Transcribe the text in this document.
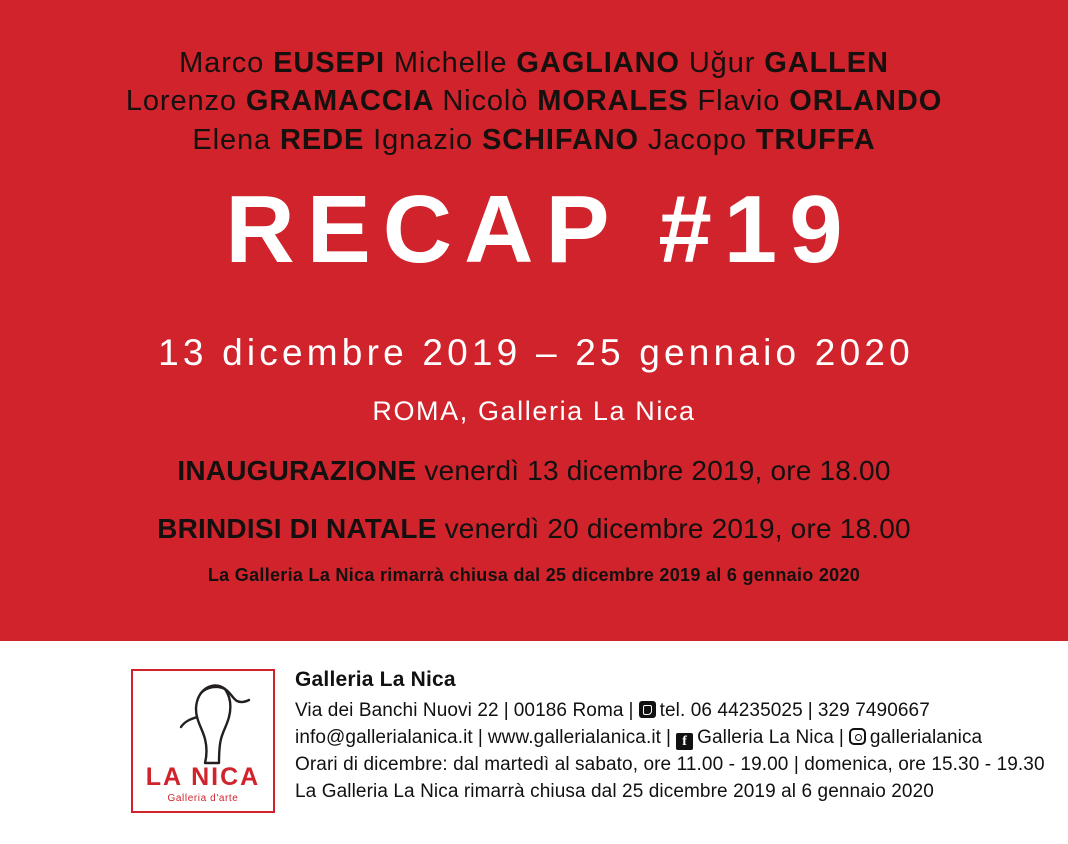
Marco EUSEPI Michelle GAGLIANO Uğur GALLEN
Lorenzo GRAMACCIA Nicolò MORALES Flavio ORLANDO
Elena REDE Ignazio SCHIFANO Jacopo TRUFFA
RECAP #19
13 dicembre 2019 – 25 gennaio 2020
ROMA, Galleria La Nica
INAUGURAZIONE venerdì 13 dicembre 2019, ore 18.00
BRINDISI DI NATALE venerdì 20 dicembre 2019, ore 18.00
La Galleria La Nica rimarrà chiusa dal 25 dicembre 2019 al 6 gennaio 2020
LA NICA
Galleria d'arte
Galleria La Nica
Via dei Banchi Nuovi 22 | 00186 Roma | tel. 06 44235025 | 329 7490667
info@gallerialanica.it | www.gallerialanica.it | f Galleria La Nica | gallerialanica
Orari di dicembre: dal martedì al sabato, ore 11.00 - 19.00 | domenica, ore 15.30 - 19.30
La Galleria La Nica rimarrà chiusa dal 25 dicembre 2019 al 6 gennaio 2020
